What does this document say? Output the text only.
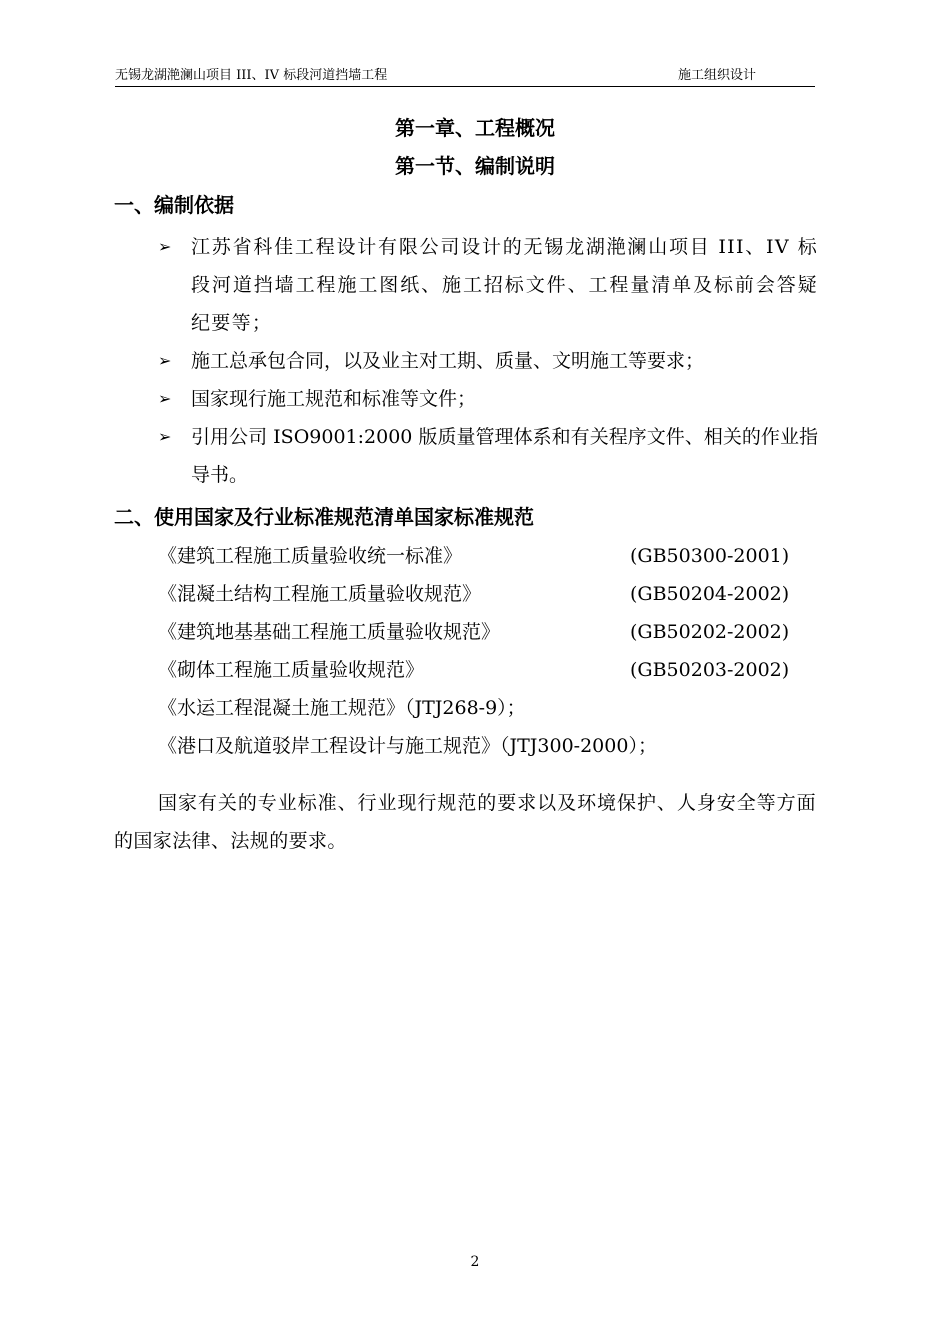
无锡龙湖滟澜山项目 III、IV 标段河道挡墙工程	施工组织设计
第一章、工程概况
第一节、编制说明
一、编制依据
➢ 江苏省科佳工程设计有限公司设计的无锡龙湖滟澜山项目 III、IV 标段河道挡墙工程施工图纸、施工招标文件、工程量清单及标前会答疑纪要等；
➢ 施工总承包合同，以及业主对工期、质量、文明施工等要求；
➢ 国家现行施工规范和标准等文件；
➢ 引用公司 ISO9001:2000 版质量管理体系和有关程序文件、相关的作业指导书。
二、使用国家及行业标准规范清单国家标准规范
《建筑工程施工质量验收统一标准》	(GB50300-2001)
《混凝土结构工程施工质量验收规范》	(GB50204-2002)
《建筑地基基础工程施工质量验收规范》	(GB50202-2002)
《砌体工程施工质量验收规范》	(GB50203-2002)
《水运工程混凝土施工规范》（JTJ268-9）；
《港口及航道驳岸工程设计与施工规范》（JTJ300-2000）；

国家有关的专业标准、行业现行规范的要求以及环境保护、人身安全等方面的国家法律、法规的要求。

2
